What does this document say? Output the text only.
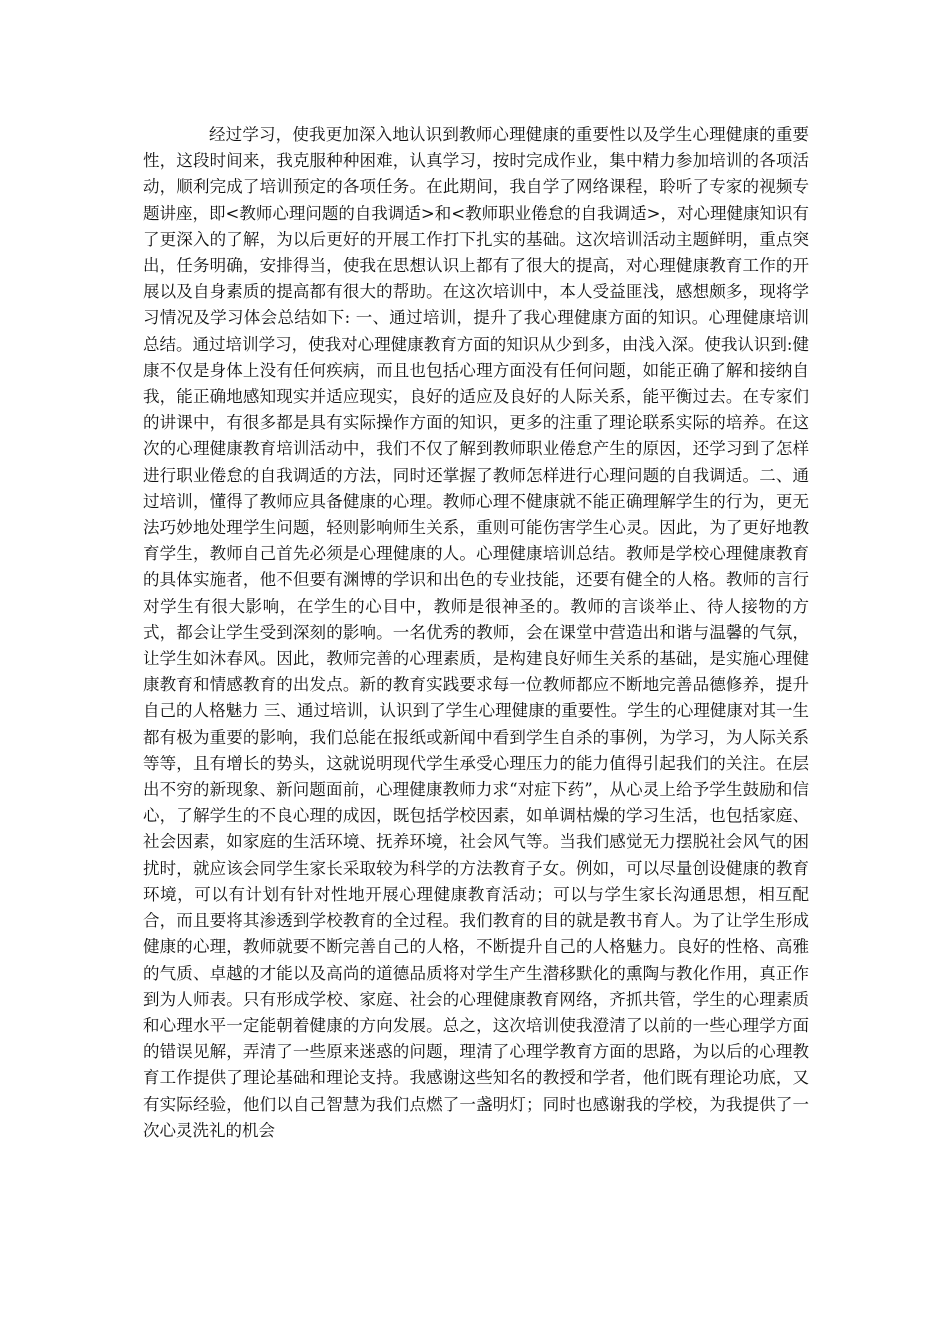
经过学习，使我更加深入地认识到教师心理健康的重要性以及学生心理健康的重要性，这段时间来，我克服种种困难，认真学习，按时完成作业，集中精力参加培训的各项活动，顺利完成了培训预定的各项任务。在此期间，我自学了网络课程，聆听了专家的视频专题讲座，即<教师心理问题的自我调适>和<教师职业倦怠的自我调适>，对心理健康知识有了更深入的了解，为以后更好的开展工作打下扎实的基础。这次培训活动主题鲜明，重点突出，任务明确，安排得当，使我在思想认识上都有了很大的提高，对心理健康教育工作的开展以及自身素质的提高都有很大的帮助。在这次培训中，本人受益匪浅，感想颇多，现将学习情况及学习体会总结如下: 一、通过培训，提升了我心理健康方面的知识。心理健康培训总结。通过培训学习，使我对心理健康教育方面的知识从少到多，由浅入深。使我认识到:健康不仅是身体上没有任何疾病，而且也包括心理方面没有任何问题，如能正确了解和接纳自我，能正确地感知现实并适应现实，良好的适应及良好的人际关系，能平衡过去。在专家们的讲课中，有很多都是具有实际操作方面的知识，更多的注重了理论联系实际的培养。在这次的心理健康教育培训活动中，我们不仅了解到教师职业倦怠产生的原因，还学习到了怎样进行职业倦怠的自我调适的方法，同时还掌握了教师怎样进行心理问题的自我调适。二、通过培训，懂得了教师应具备健康的心理。教师心理不健康就不能正确理解学生的行为，更无法巧妙地处理学生问题，轻则影响师生关系，重则可能伤害学生心灵。因此，为了更好地教育学生，教师自己首先必须是心理健康的人。心理健康培训总结。教师是学校心理健康教育的具体实施者，他不但要有渊博的学识和出色的专业技能，还要有健全的人格。教师的言行对学生有很大影响，在学生的心目中，教师是很神圣的。教师的言谈举止、待人接物的方式，都会让学生受到深刻的影响。一名优秀的教师，会在课堂中营造出和谐与温馨的气氛，让学生如沐春风。因此，教师完善的心理素质，是构建良好师生关系的基础，是实施心理健康教育和情感教育的出发点。新的教育实践要求每一位教师都应不断地完善品德修养，提升自己的人格魅力 三、通过培训，认识到了学生心理健康的重要性。学生的心理健康对其一生都有极为重要的影响，我们总能在报纸或新闻中看到学生自杀的事例，为学习，为人际关系等等，且有增长的势头，这就说明现代学生承受心理压力的能力值得引起我们的关注。在层出不穷的新现象、新问题面前，心理健康教师力求“对症下药”，从心灵上给予学生鼓励和信心，了解学生的不良心理的成因，既包括学校因素，如单调枯燥的学习生活，也包括家庭、社会因素，如家庭的生活环境、抚养环境，社会风气等。当我们感觉无力摆脱社会风气的困扰时，就应该会同学生家长采取较为科学的方法教育子女。例如，可以尽量创设健康的教育环境，可以有计划有针对性地开展心理健康教育活动；可以与学生家长沟通思想，相互配合，而且要将其渗透到学校教育的全过程。我们教育的目的就是教书育人。为了让学生形成健康的心理，教师就要不断完善自己的人格，不断提升自己的人格魅力。良好的性格、高雅的气质、卓越的才能以及高尚的道德品质将对学生产生潜移默化的熏陶与教化作用，真正作到为人师表。只有形成学校、家庭、社会的心理健康教育网络，齐抓共管，学生的心理素质和心理水平一定能朝着健康的方向发展。总之，这次培训使我澄清了以前的一些心理学方面的错误见解，弄清了一些原来迷惑的问题，理清了心理学教育方面的思路，为以后的心理教育工作提供了理论基础和理论支持。我感谢这些知名的教授和学者，他们既有理论功底，又有实际经验，他们以自己智慧为我们点燃了一盏明灯；同时也感谢我的学校，为我提供了一次心灵洗礼的机会
